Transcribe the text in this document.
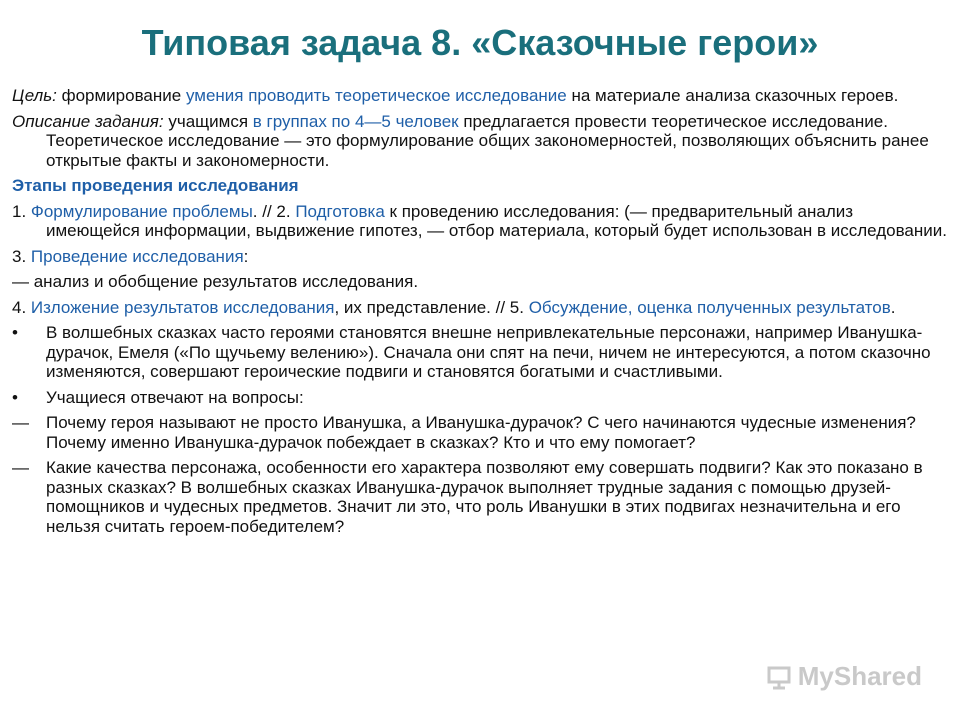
Типовая задача 8. «Сказочные герои»

Цель: формирование умения проводить теоретическое исследование на материале анализа сказочных героев.

Описание задания: учащимся в группах по 4—5 человек предлагается провести теоретическое исследование. Теоретическое исследование — это формулирование общих закономерностей, позволяющих объяснить ранее открытые факты и закономерности.

Этапы проведения исследования

1. Формулирование проблемы. // 2. Подготовка к проведению исследования: (— предварительный анализ имеющейся информации, выдвижение гипотез, — отбор материала, который будет использован в исследовании.

3. Проведение исследования:

— анализ и обобщение результатов исследования.

4. Изложение результатов исследования, их представление. // 5. Обсуждение, оценка полученных результатов.

•	В волшебных сказках часто героями становятся внешне непривлекательные персонажи, например Иванушка-дурачок, Емеля («По щучьему велению»). Сначала они спят на печи, ничем не интересуются, а потом сказочно изменяются, совершают героические подвиги и становятся богатыми и счастливыми.
•	Учащиеся отвечают на вопросы:
—	Почему героя называют не просто Иванушка, а Иванушка-дурачок? С чего начинаются чудесные изменения? Почему именно Иванушка-дурачок побеждает в сказках? Кто и что ему помогает?
—	Какие качества персонажа, особенности его характера позволяют ему совершать подвиги? Как это показано в разных сказках? В волшебных сказках Иванушка-дурачок выполняет трудные задания с помощью друзей-помощников и чудесных предметов. Значит ли это, что роль Иванушки в этих подвигах незначительна и его нельзя считать героем-победителем?
MyShared
